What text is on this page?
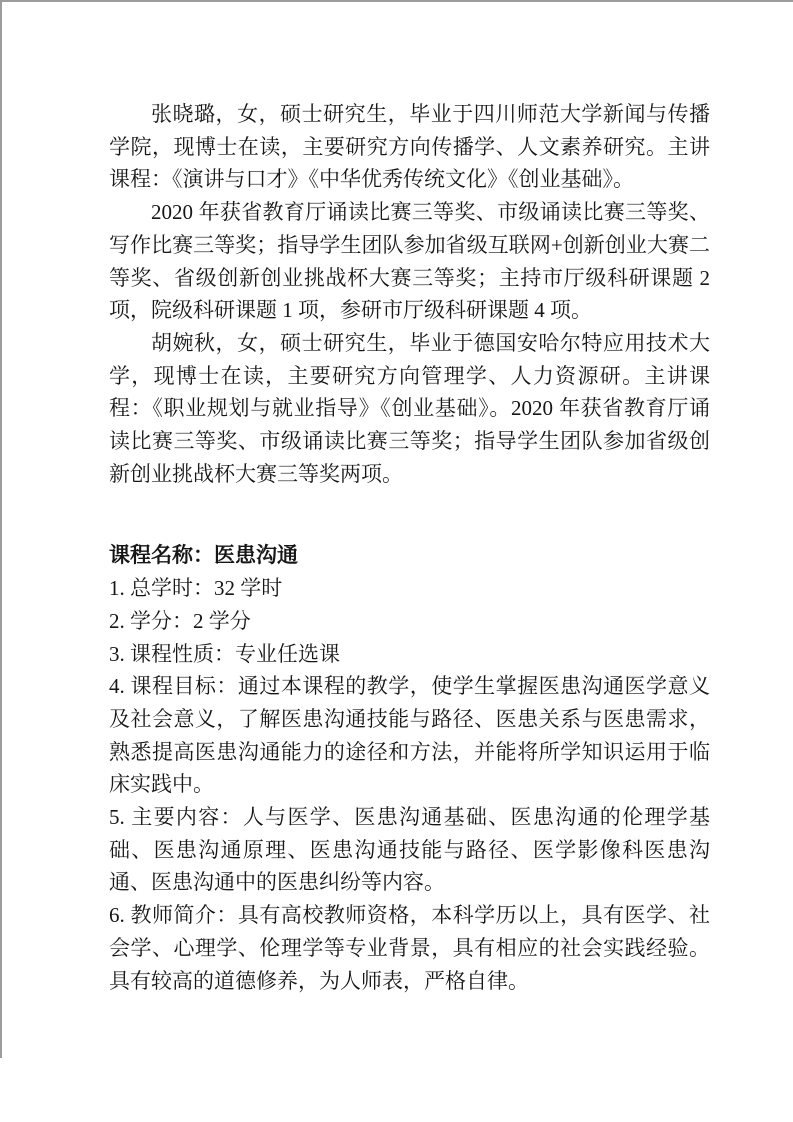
张晓璐，女，硕士研究生，毕业于四川师范大学新闻与传播学院，现博士在读，主要研究方向传播学、人文素养研究。主讲课程：《演讲与口才》《中华优秀传统文化》《创业基础》。

2020 年获省教育厅诵读比赛三等奖、市级诵读比赛三等奖、写作比赛三等奖；指导学生团队参加省级互联网+创新创业大赛二等奖、省级创新创业挑战杯大赛三等奖；主持市厅级科研课题 2 项，院级科研课题 1 项，参研市厅级科研课题 4 项。

胡婉秋，女，硕士研究生，毕业于德国安哈尔特应用技术大学，现博士在读，主要研究方向管理学、人力资源研。主讲课程：《职业规划与就业指导》《创业基础》。2020 年获省教育厅诵读比赛三等奖、市级诵读比赛三等奖；指导学生团队参加省级创新创业挑战杯大赛三等奖两项。

课程名称：医患沟通

1. 总学时：32 学时

2. 学分：2 学分

3. 课程性质：专业任选课

4. 课程目标：通过本课程的教学，使学生掌握医患沟通医学意义及社会意义，了解医患沟通技能与路径、医患关系与医患需求，熟悉提高医患沟通能力的途径和方法，并能将所学知识运用于临床实践中。

5. 主要内容：人与医学、医患沟通基础、医患沟通的伦理学基础、医患沟通原理、医患沟通技能与路径、医学影像科医患沟通、医患沟通中的医患纠纷等内容。

6. 教师简介：具有高校教师资格，本科学历以上，具有医学、社会学、心理学、伦理学等专业背景，具有相应的社会实践经验。具有较高的道德修养，为人师表，严格自律。
